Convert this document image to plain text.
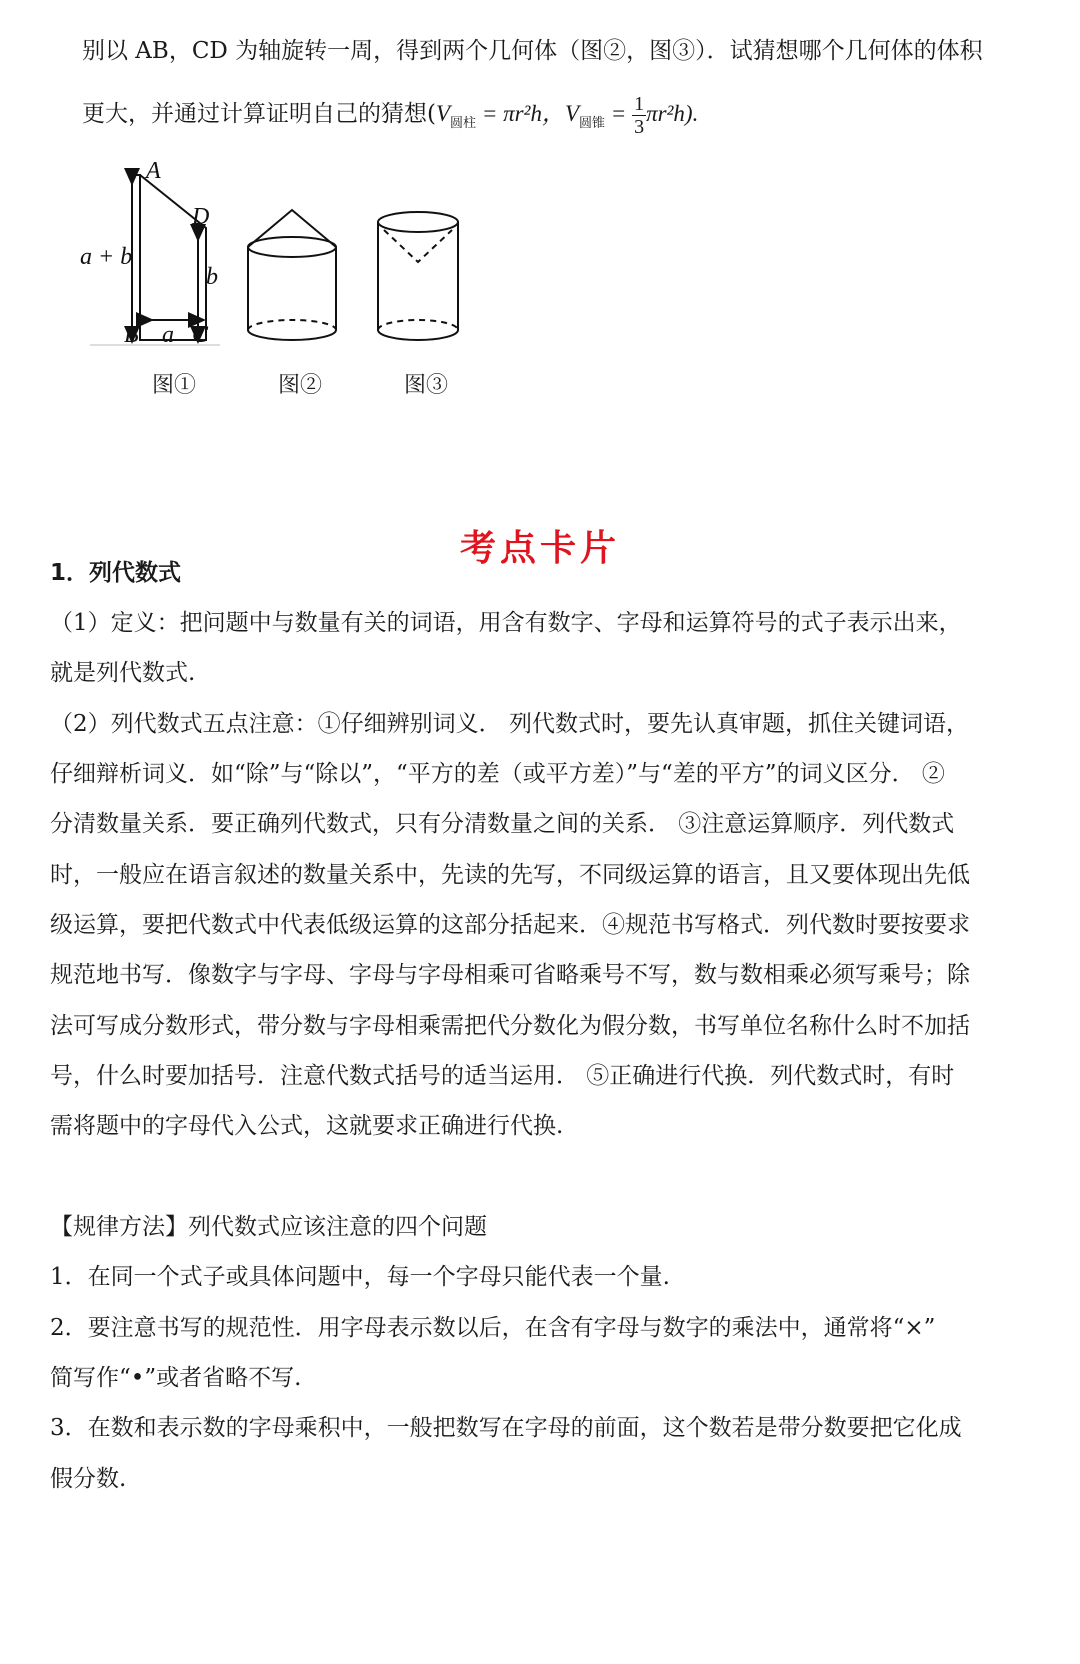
别以 AB，CD 为轴旋转一周，得到两个几何体（图②，图③）．试猜想哪个几何体的体积

更大，并通过计算证明自己的猜想($V_{圆柱} = \pi r^2h$，$V_{圆锥} = \frac{1}{3} \pi r^2h$).

A
D
a + b
b
B a C
图①	图②	图③
考点卡片

1．列代数式

（1）定义：把问题中与数量有关的词语，用含有数字、字母和运算符号的式子表示出来，

就是列代数式.

（2）列代数式五点注意：①仔细辨别词义． 列代数式时，要先认真审题，抓住关键词语，

仔细辩析词义．如“除”与“除以”，“平方的差（或平方差）”与“差的平方”的词义区分． ②

分清数量关系．要正确列代数式，只有分清数量之间的关系． ③注意运算顺序．列代数式

时，一般应在语言叙述的数量关系中，先读的先写，不同级运算的语言，且又要体现出先低

级运算，要把代数式中代表低级运算的这部分括起来．④规范书写格式．列代数时要按要求

规范地书写．像数字与字母、字母与字母相乘可省略乘号不写，数与数相乘必须写乘号；除

法可写成分数形式，带分数与字母相乘需把代分数化为假分数，书写单位名称什么时不加括

号，什么时要加括号．注意代数式括号的适当运用． ⑤正确进行代换．列代数式时，有时

需将题中的字母代入公式，这就要求正确进行代换.

【规律方法】列代数式应该注意的四个问题

1．在同一个式子或具体问题中，每一个字母只能代表一个量.

2．要注意书写的规范性．用字母表示数以后，在含有字母与数字的乘法中，通常将“×”

简写作“•”或者省略不写.

3．在数和表示数的字母乘积中，一般把数写在字母的前面，这个数若是带分数要把它化成

假分数.
